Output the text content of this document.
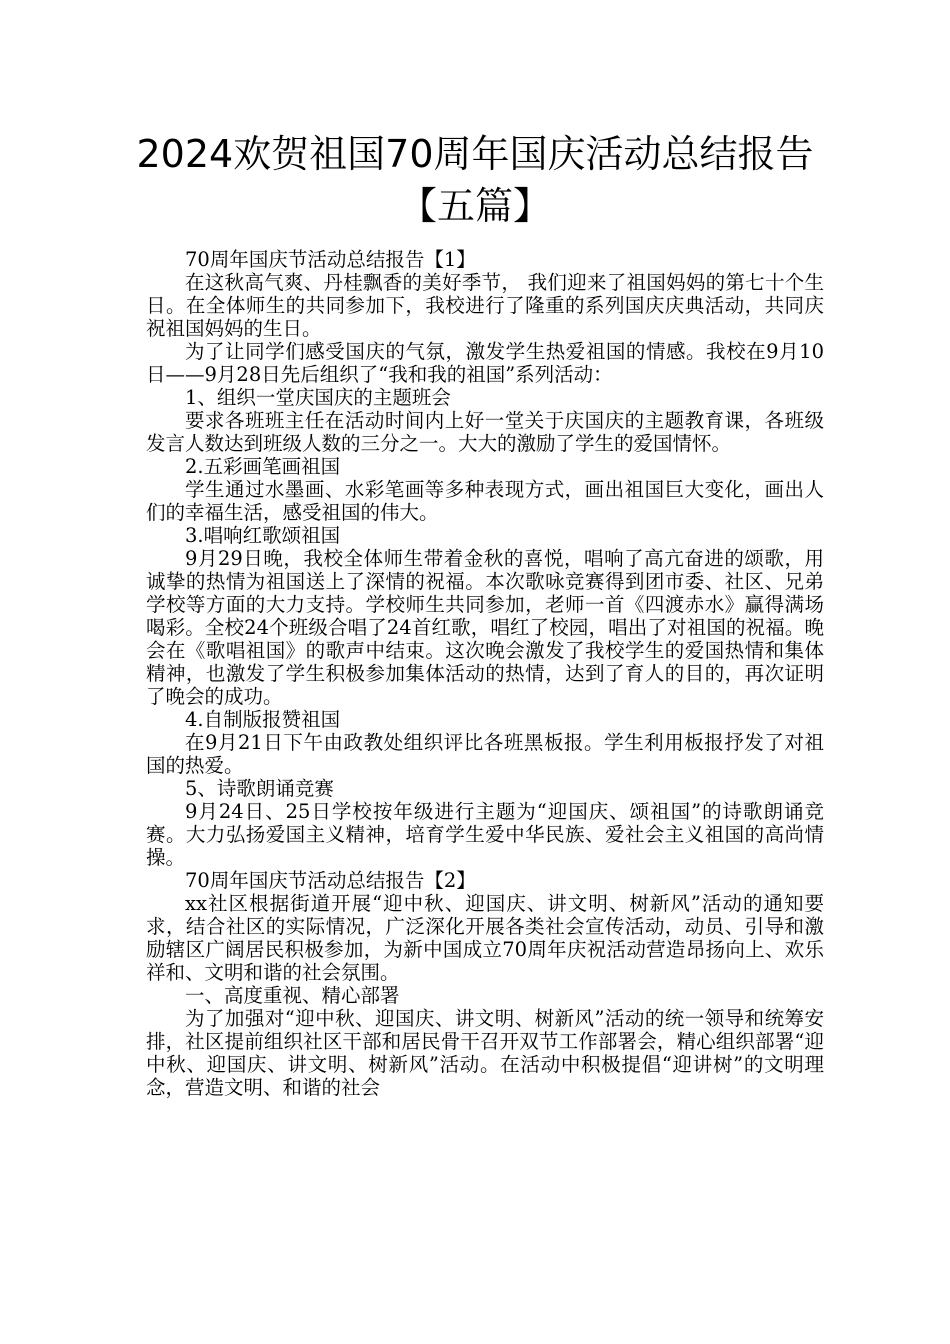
2024欢贺祖国70周年国庆活动总结报告【五篇】

70周年国庆节活动总结报告【1】

在这秋高气爽、丹桂飘香的美好季节， 我们迎来了祖国妈妈的第七十个生日。在全体师生的共同参加下，我校进行了隆重的系列国庆庆典活动，共同庆祝祖国妈妈的生日。

为了让同学们感受国庆的气氛，激发学生热爱祖国的情感。我校在9月10日——9月28日先后组织了“我和我的祖国”系列活动：

1、组织一堂庆国庆的主题班会

要求各班班主任在活动时间内上好一堂关于庆国庆的主题教育课，各班级发言人数达到班级人数的三分之一。大大的激励了学生的爱国情怀。

2.五彩画笔画祖国

学生通过水墨画、水彩笔画等多种表现方式，画出祖国巨大变化，画出人们的幸福生活，感受祖国的伟大。

3.唱响红歌颂祖国

9月29日晚，我校全体师生带着金秋的喜悦，唱响了高亢奋进的颂歌，用诚挚的热情为祖国送上了深情的祝福。本次歌咏竞赛得到团市委、社区、兄弟学校等方面的大力支持。学校师生共同参加，老师一首《四渡赤水》赢得满场喝彩。全校24个班级合唱了24首红歌，唱红了校园，唱出了对祖国的祝福。晚会在《歌唱祖国》的歌声中结束。这次晚会激发了我校学生的爱国热情和集体精神，也激发了学生积极参加集体活动的热情，达到了育人的目的，再次证明了晚会的成功。

4.自制版报赞祖国

在9月21日下午由政教处组织评比各班黑板报。学生利用板报抒发了对祖国的热爱。

5、诗歌朗诵竞赛

9月24日、25日学校按年级进行主题为“迎国庆、颂祖国”的诗歌朗诵竞赛。大力弘扬爱国主义精神，培育学生爱中华民族、爱社会主义祖国的高尚情操。

70周年国庆节活动总结报告【2】

xx社区根据街道开展“迎中秋、迎国庆、讲文明、树新风”活动的通知要求，结合社区的实际情况，广泛深化开展各类社会宣传活动，动员、引导和激励辖区广阔居民积极参加，为新中国成立70周年庆祝活动营造昂扬向上、欢乐祥和、文明和谐的社会氛围。

一、高度重视、精心部署

为了加强对“迎中秋、迎国庆、讲文明、树新风”活动的统一领导和统筹安排，社区提前组织社区干部和居民骨干召开双节工作部署会，精心组织部署“迎中秋、迎国庆、讲文明、树新风”活动。在活动中积极提倡“迎讲树”的文明理念，营造文明、和谐的社会
